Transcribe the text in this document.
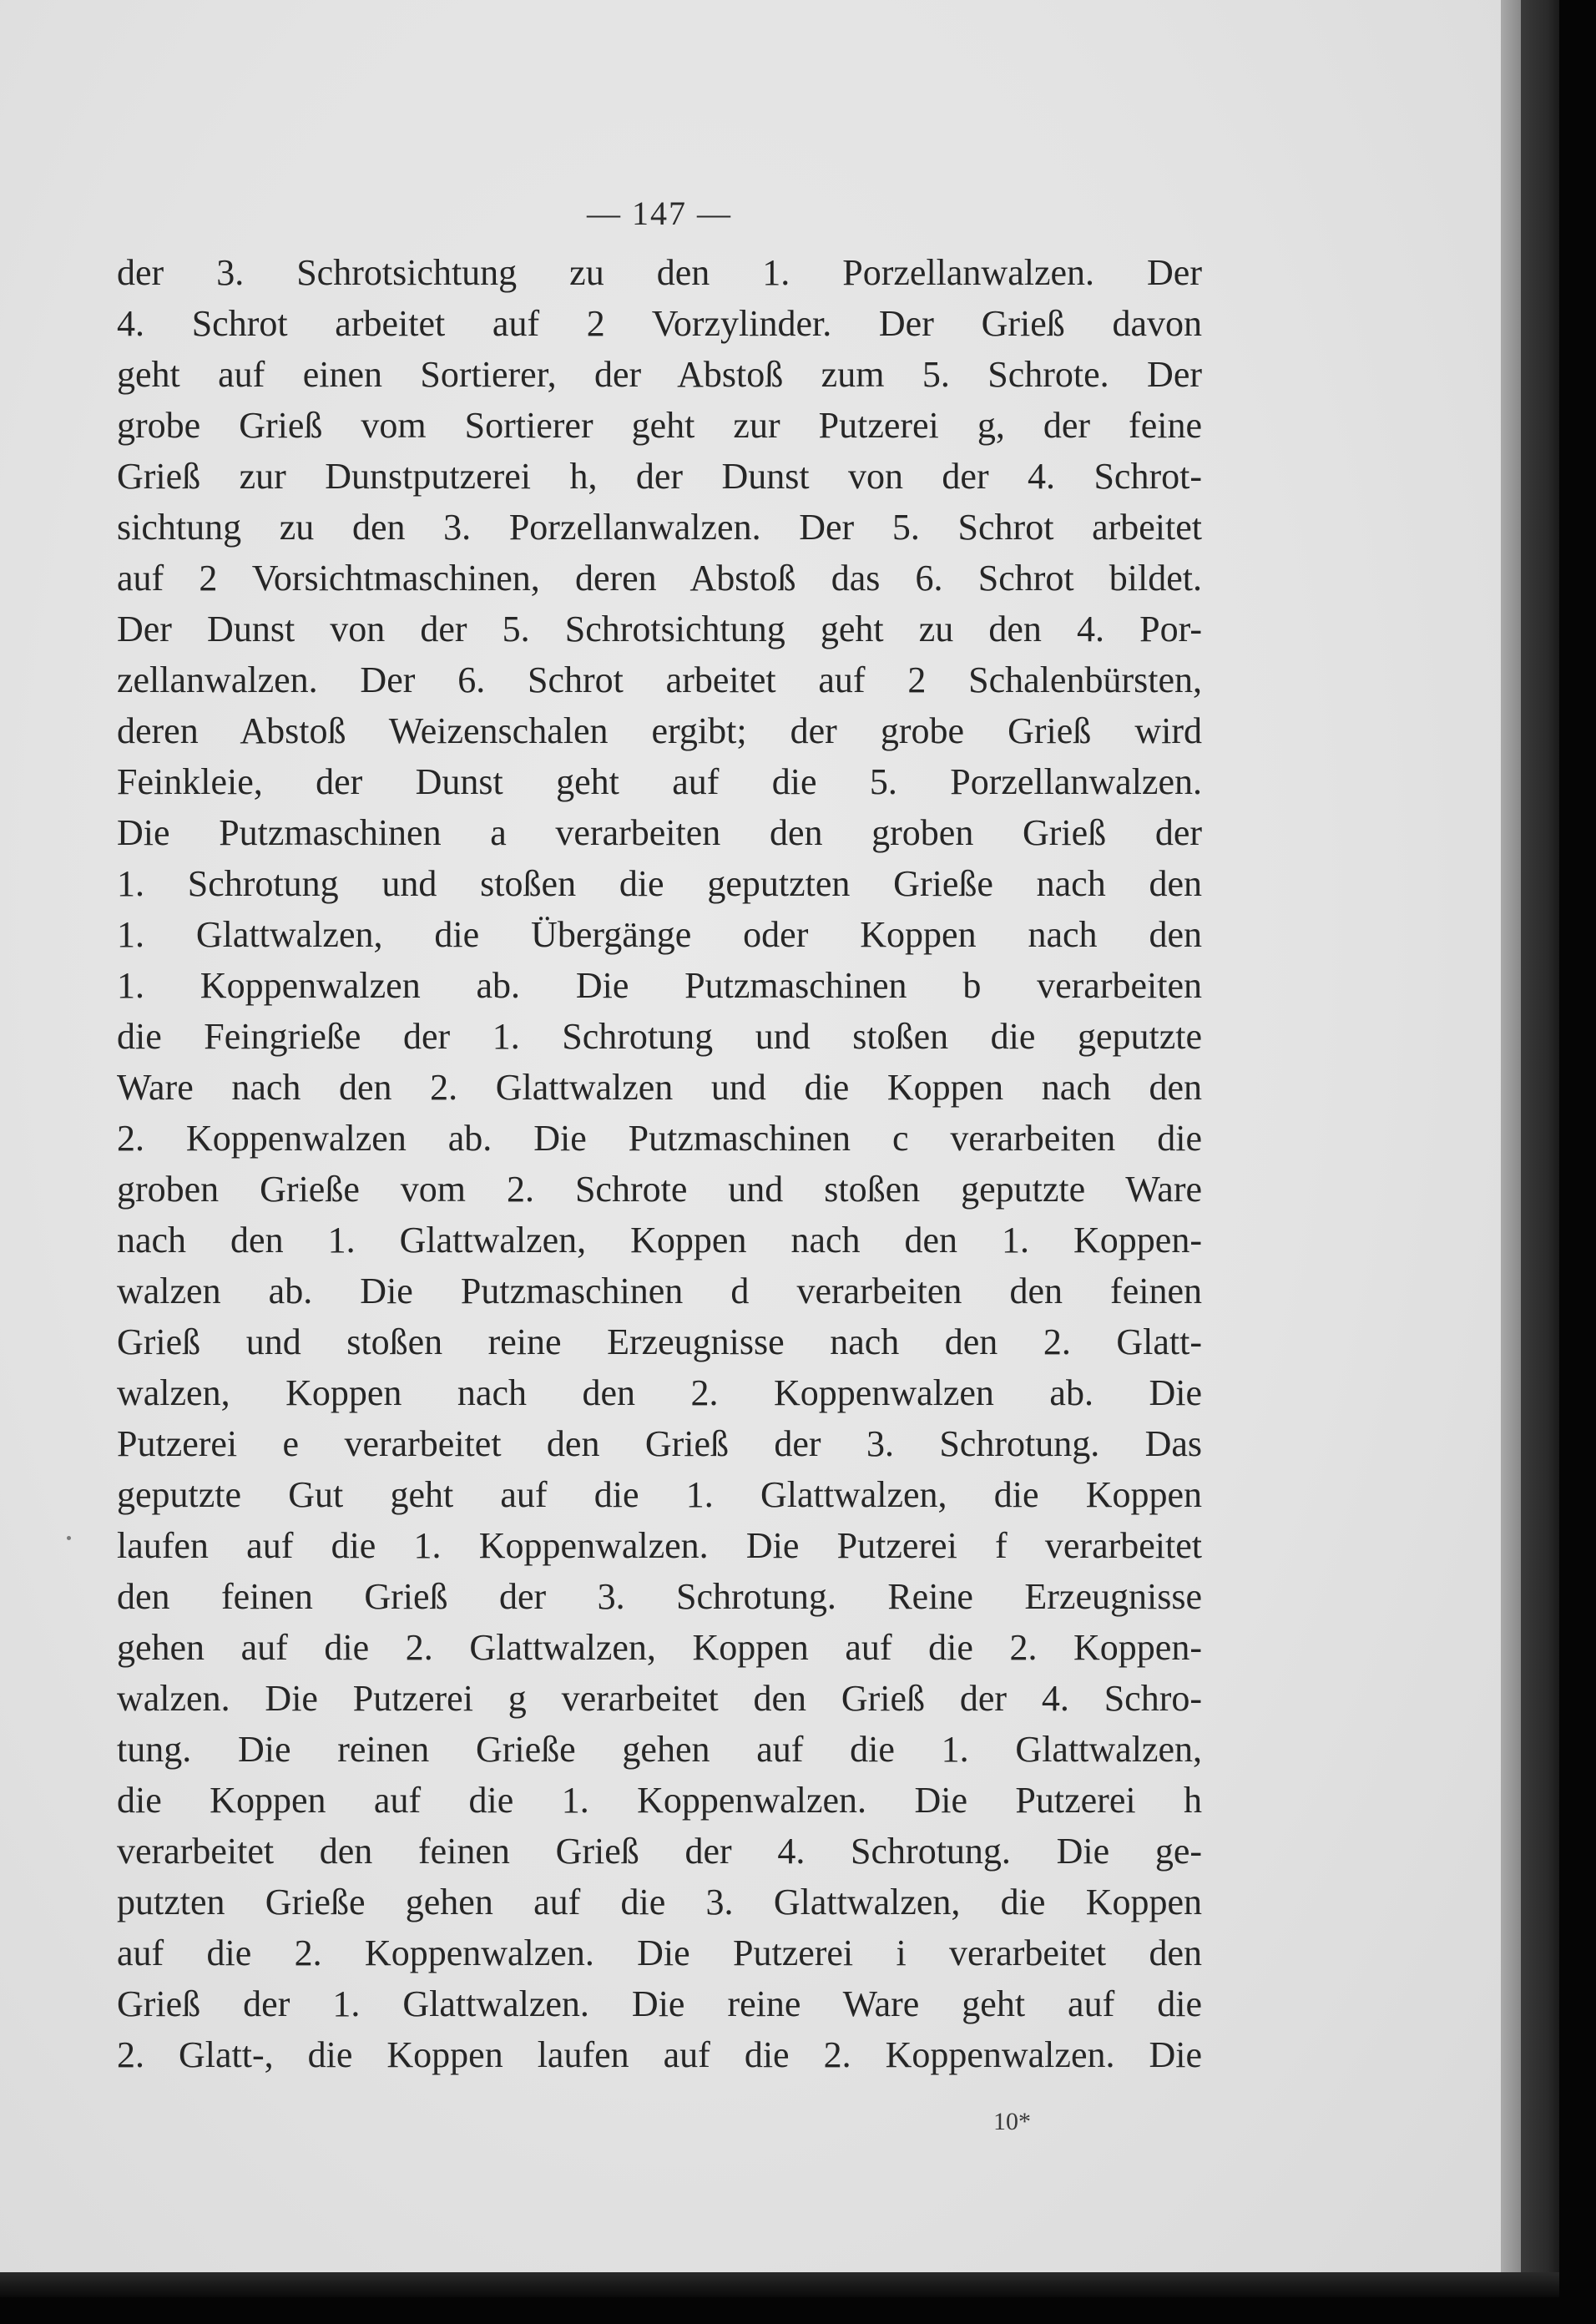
— 147 —
der 3. Schrotsichtung zu den 1. Porzellanwalzen. Der
4. Schrot arbeitet auf 2 Vorzylinder. Der Grieß davon
geht auf einen Sortierer, der Abstoß zum 5. Schrote. Der
grobe Grieß vom Sortierer geht zur Putzerei g, der feine
Grieß zur Dunstputzerei h, der Dunst von der 4. Schrot-
sichtung zu den 3. Porzellanwalzen. Der 5. Schrot arbeitet
auf 2 Vorsichtmaschinen, deren Abstoß das 6. Schrot bildet.
Der Dunst von der 5. Schrotsichtung geht zu den 4. Por-
zellanwalzen. Der 6. Schrot arbeitet auf 2 Schalenbürsten,
deren Abstoß Weizenschalen ergibt; der grobe Grieß wird
Feinkleie, der Dunst geht auf die 5. Porzellanwalzen.
Die Putzmaschinen a verarbeiten den groben Grieß der
1. Schrotung und stoßen die geputzten Grieße nach den
1. Glattwalzen, die Übergänge oder Koppen nach den
1. Koppenwalzen ab. Die Putzmaschinen b verarbeiten
die Feingrieße der 1. Schrotung und stoßen die geputzte
Ware nach den 2. Glattwalzen und die Koppen nach den
2. Koppenwalzen ab. Die Putzmaschinen c verarbeiten die
groben Grieße vom 2. Schrote und stoßen geputzte Ware
nach den 1. Glattwalzen, Koppen nach den 1. Koppen-
walzen ab. Die Putzmaschinen d verarbeiten den feinen
Grieß und stoßen reine Erzeugnisse nach den 2. Glatt-
walzen, Koppen nach den 2. Koppenwalzen ab. Die
Putzerei e verarbeitet den Grieß der 3. Schrotung. Das
geputzte Gut geht auf die 1. Glattwalzen, die Koppen
laufen auf die 1. Koppenwalzen. Die Putzerei f verarbeitet
den feinen Grieß der 3. Schrotung. Reine Erzeugnisse
gehen auf die 2. Glattwalzen, Koppen auf die 2. Koppen-
walzen. Die Putzerei g verarbeitet den Grieß der 4. Schro-
tung. Die reinen Grieße gehen auf die 1. Glattwalzen,
die Koppen auf die 1. Koppenwalzen. Die Putzerei h
verarbeitet den feinen Grieß der 4. Schrotung. Die ge-
putzten Grieße gehen auf die 3. Glattwalzen, die Koppen
auf die 2. Koppenwalzen. Die Putzerei i verarbeitet den
Grieß der 1. Glattwalzen. Die reine Ware geht auf die
2. Glatt-, die Koppen laufen auf die 2. Koppenwalzen. Die
10*
